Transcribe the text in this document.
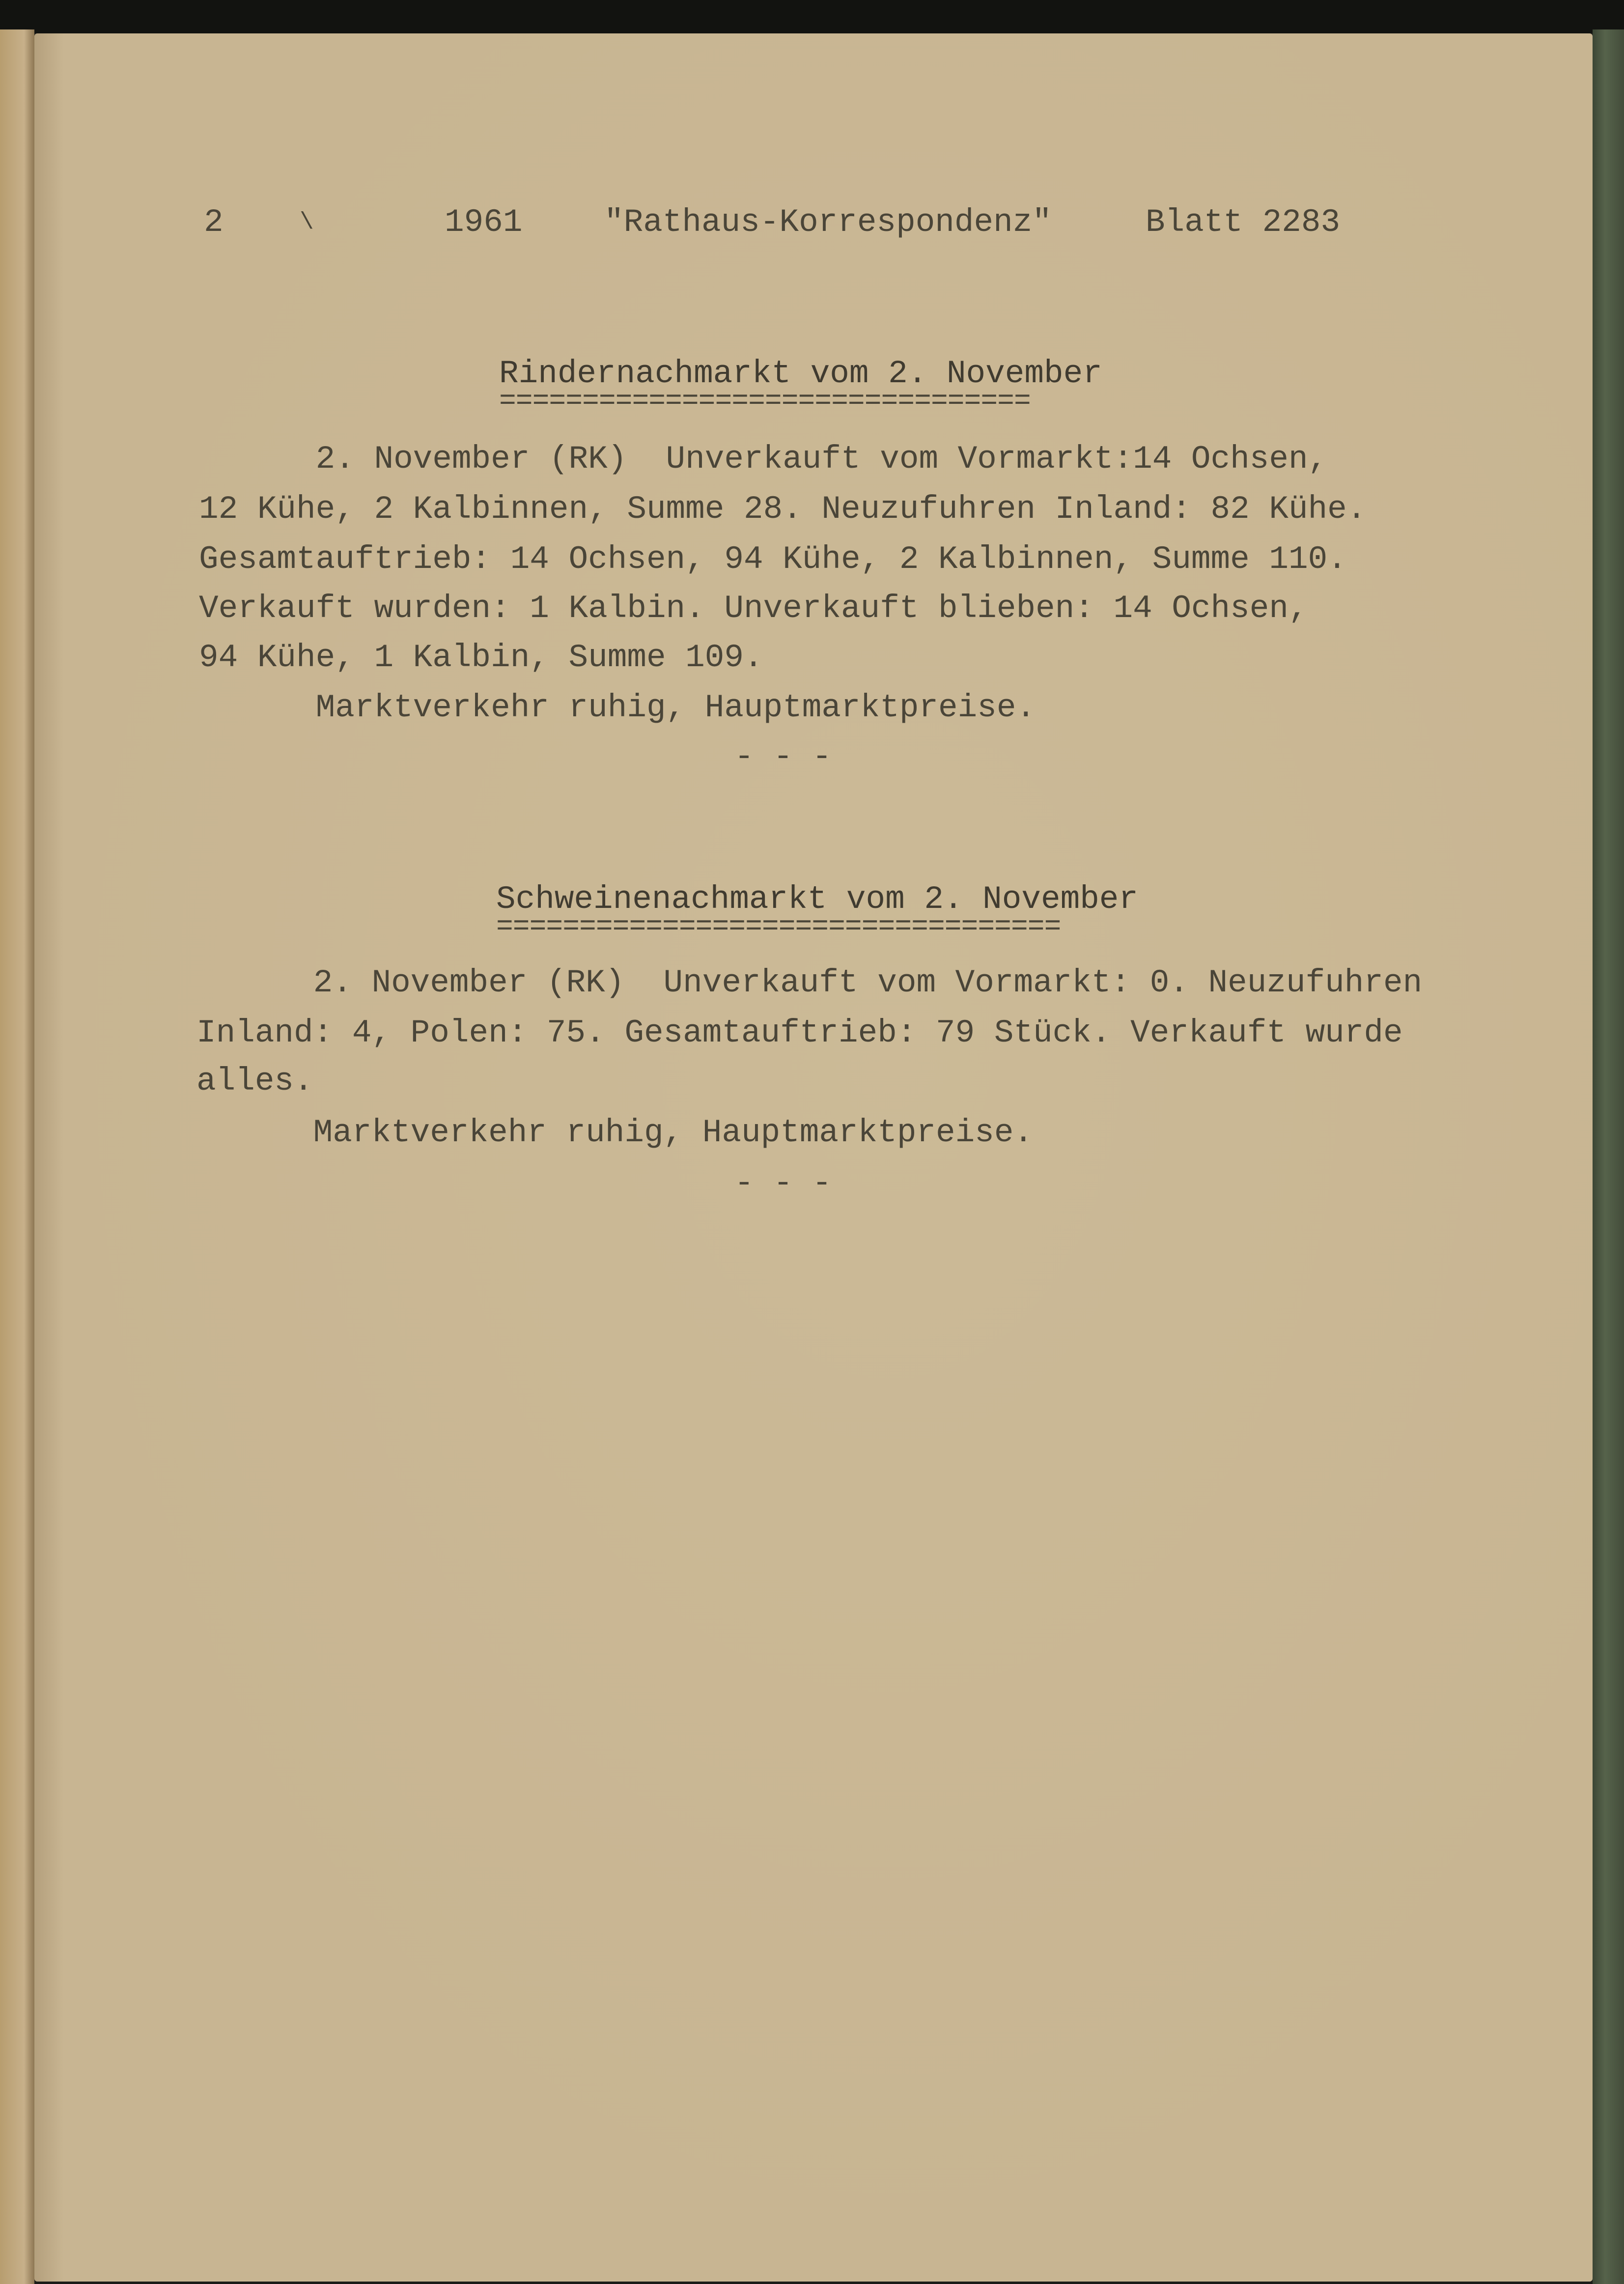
2	\	1961	"Rathaus-Korrespondenz"	Blatt 2283
Rindernachmarkt vom 2. November
================================
2. November (RK)  Unverkauft vom Vormarkt:14 Ochsen,
12 Kühe, 2 Kalbinnen, Summe 28. Neuzufuhren Inland: 82 Kühe.
Gesamtauftrieb: 14 Ochsen, 94 Kühe, 2 Kalbinnen, Summe 110.
Verkauft wurden: 1 Kalbin. Unverkauft blieben: 14 Ochsen,
94 Kühe, 1 Kalbin, Summe 109.
Marktverkehr ruhig, Hauptmarktpreise.
- - -
Schweinenachmarkt vom 2. November
==================================
2. November (RK)  Unverkauft vom Vormarkt: 0. Neuzufuhren
Inland: 4, Polen: 75. Gesamtauftrieb: 79 Stück. Verkauft wurde
alles.
Marktverkehr ruhig, Hauptmarktpreise.
- - -
